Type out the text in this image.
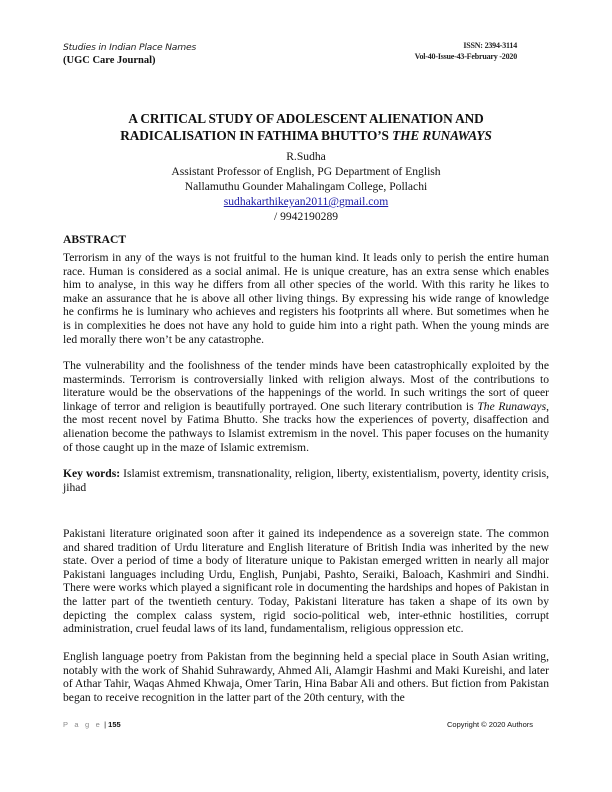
Studies in Indian Place Names
(UGC Care Journal)
ISSN: 2394-3114
Vol-40-Issue-43-February -2020
A CRITICAL STUDY OF ADOLESCENT ALIENATION AND
RADICALISATION IN FATHIMA BHUTTO’S THE RUNAWAYS
R.Sudha
Assistant Professor of English, PG Department of English
Nallamuthu Gounder Mahalingam College, Pollachi
sudhakarthikeyan2011@gmail.com
/ 9942190289
ABSTRACT

Terrorism in any of the ways is not fruitful to the human kind. It leads only to perish the entire human race. Human is considered as a social animal. He is unique creature, has an extra sense which enables him to analyse, in this way he differs from all other species of the world. With this rarity he likes to make an assurance that he is above all other living things. By expressing his wide range of knowledge he confirms he is luminary who achieves and registers his footprints all where. But sometimes when he is in complexities he does not have any hold to guide him into a right path. When the young minds are led morally there won’t be any catastrophe.

The vulnerability and the foolishness of the tender minds have been catastrophically exploited by the masterminds. Terrorism is controversially linked with religion always. Most of the contributions to literature would be the observations of the happenings of the world. In such writings the sort of queer linkage of terror and religion is beautifully portrayed. One such literary contribution is The Runaways, the most recent novel by Fatima Bhutto. She tracks how the experiences of poverty, disaffection and alienation become the pathways to Islamist extremism in the novel. This paper focuses on the humanity of those caught up in the maze of Islamic extremism.

Key words: Islamist extremism, transnationality, religion, liberty, existentialism, poverty, identity crisis, jihad

Pakistani literature originated soon after it gained its independence as a sovereign state. The common and shared tradition of Urdu literature and English literature of British India was inherited by the new state. Over a period of time a body of literature unique to Pakistan emerged written in nearly all major Pakistani languages including Urdu, English, Punjabi, Pashto, Seraiki, Baloach, Kashmiri and Sindhi. There were works which played a significant role in documenting the hardships and hopes of Pakistan in the latter part of the twentieth century. Today, Pakistani literature has taken a shape of its own by depicting the complex calass system, rigid socio-political web, inter-ethnic hostilities, corrupt administration, cruel feudal laws of its land, fundamentalism, religious oppression etc.

English language poetry from Pakistan from the beginning held a special place in South Asian writing, notably with the work of Shahid Suhrawardy, Ahmed Ali, Alamgir Hashmi and Maki Kureishi, and later of Athar Tahir, Waqas Ahmed Khwaja, Omer Tarin, Hina Babar Ali and others. But fiction from Pakistan began to receive recognition in the latter part of the 20th century, with the

P a g e | 155	Copyright © 2020 Authors
